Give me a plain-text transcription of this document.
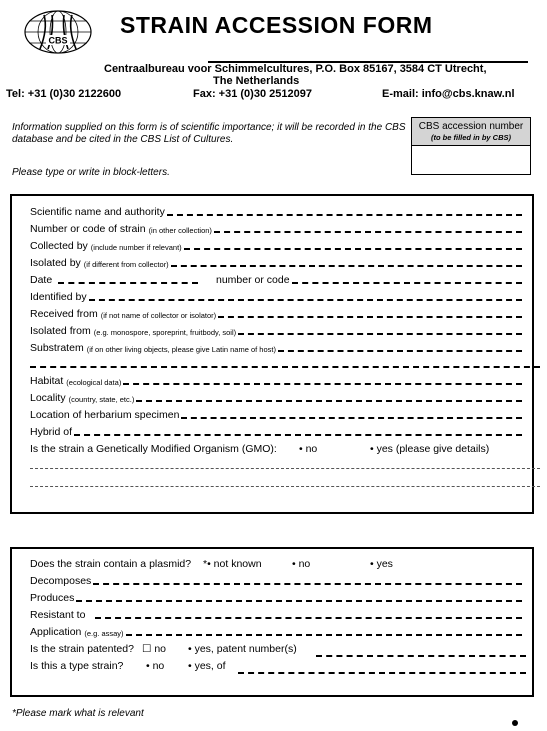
CBS
STRAIN ACCESSION FORM
Centraalbureau voor Schimmelcultures, P.O. Box 85167, 3584 CT Utrecht,
The Netherlands
Tel: +31 (0)30 2122600	Fax: +31 (0)30 2512097	E-mail: info@cbs.knaw.nl
Information supplied on this form is of scientific importance; it will be recorded in the CBS database and be cited in the CBS List of Cultures.
Please type or write in block-letters.
CBS accession number
(to be filled in by CBS)
Scientific name and authority
Number or code of strain (in other collection)
Collected by (include number if relevant)
Isolated by (if different from collector)
Date	number or code
Identified by
Received from (if not name of collector or isolator)
Isolated from (e.g. monospore, sporeprint, fruitbody, soil)
Substratem (if on other living objects, please give Latin name of host)
Habitat (ecological data)
Locality (country, state, etc.)
Location of herbarium specimen
Hybrid of
Is the strain a Genetically Modified Organism (GMO): • no	• yes (please give details)
Does the strain contain a plasmid? *• not known	• no	• yes
Decomposes
Produces
Resistant to
Application (e.g. assay)
Is the strain patented? ☐ no • yes, patent number(s)
Is this a type strain? • no • yes, of
*Please mark what is relevant
